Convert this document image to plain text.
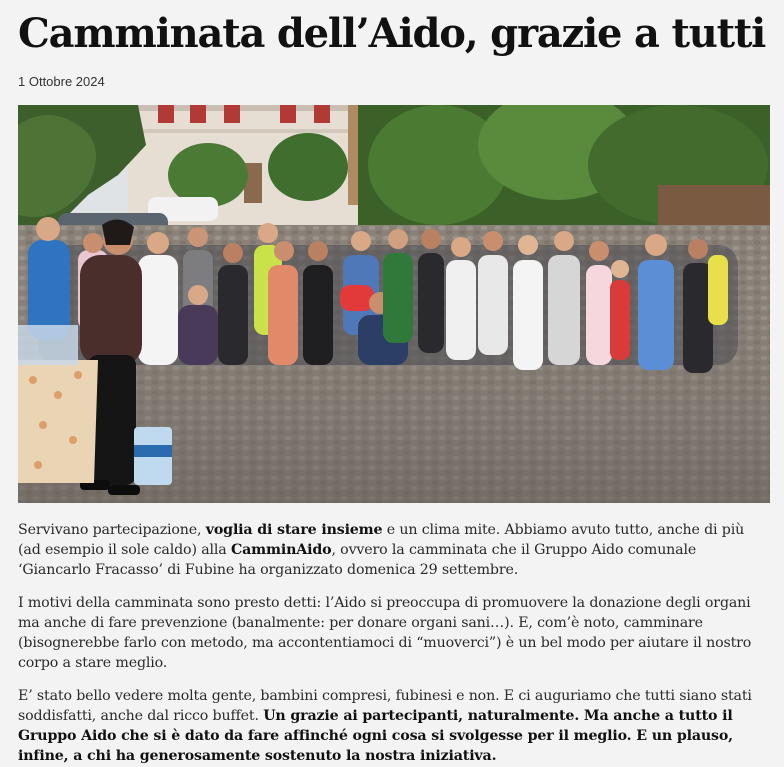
Camminata dell’Aido, grazie a tutti
1 Ottobre 2024

Servivano partecipazione, voglia di stare insieme e un clima mite. Abbiamo avuto tutto, anche di più (ad esempio il sole caldo) alla CamminAido, ovvero la camminata che il Gruppo Aido comunale ‘Giancarlo Fracasso’ di Fubine ha organizzato domenica 29 settembre.

I motivi della camminata sono presto detti: l’Aido si preoccupa di promuovere la donazione degli organi ma anche di fare prevenzione (banalmente: per donare organi sani…). E, com’è noto, camminare (bisognerebbe farlo con metodo, ma accontentiamoci di “muoverci”) è un bel modo per aiutare il nostro corpo a stare meglio.

E’ stato bello vedere molta gente, bambini compresi, fubinesi e non. E ci auguriamo che tutti siano stati soddisfatti, anche dal ricco buffet. Un grazie ai partecipanti, naturalmente. Ma anche a tutto il Gruppo Aido che si è dato da fare affinché ogni cosa si svolgesse per il meglio. E un plauso, infine, a chi ha generosamente sostenuto la nostra iniziativa.
